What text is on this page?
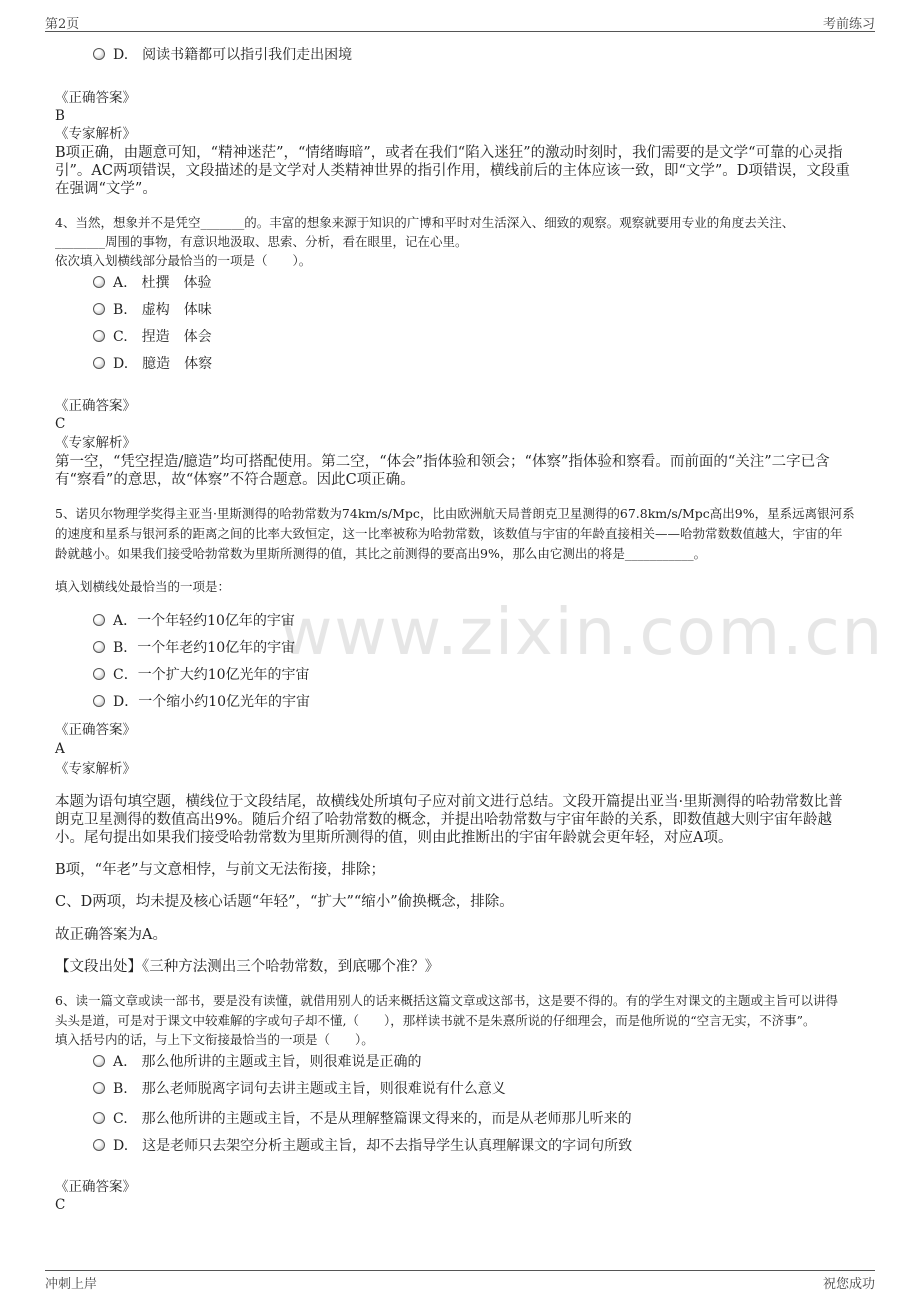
第2页	考前练习
www.zixin.com.cn
D.　阅读书籍都可以指引我们走出困境
《正确答案》
B
《专家解析》
B项正确，由题意可知，“精神迷茫”，“情绪晦暗”，或者在我们“陷入迷狂”的激动时刻时，我们需要的是文学“可靠的心灵指
引”。AC两项错误，文段描述的是文学对人类精神世界的指引作用，横线前后的主体应该一致，即“文学”。D项错误，文段重
在强调“文学”。
4、当然，想象并不是凭空_______的。丰富的想象来源于知识的广博和平时对生活深入、细致的观察。观察就要用专业的角度去关注、
________周围的事物，有意识地汲取、思索、分析，看在眼里，记在心里。
依次填入划横线部分最恰当的一项是（　　）。
A.　杜撰　体验
B.　虚构　体味
C.　捏造　体会
D.　臆造　体察
《正确答案》
C
《专家解析》
第一空，“凭空捏造/臆造”均可搭配使用。第二空，“体会”指体验和领会；“体察”指体验和察看。而前面的“关注”二字已含
有“察看”的意思，故“体察”不符合题意。因此C项正确。
5、诺贝尔物理学奖得主亚当·里斯测得的哈勃常数为74km/s/Mpc，比由欧洲航天局普朗克卫星测得的67.8km/s/Mpc高出9%，星系远离银河系
的速度和星系与银河系的距离之间的比率大致恒定，这一比率被称为哈勃常数，该数值与宇宙的年龄直接相关——哈勃常数数值越大，宇宙的年
龄就越小。如果我们接受哈勃常数为里斯所测得的值，其比之前测得的要高出9%，那么由它测出的将是___________。
填入划横线处最恰当的一项是：
A．一个年轻约10亿年的宇宙
B．一个年老约10亿年的宇宙
C．一个扩大约10亿光年的宇宙
D．一个缩小约10亿光年的宇宙
《正确答案》
A
《专家解析》
本题为语句填空题，横线位于文段结尾，故横线处所填句子应对前文进行总结。文段开篇提出亚当·里斯测得的哈勃常数比普
朗克卫星测得的数值高出9%。随后介绍了哈勃常数的概念，并提出哈勃常数与宇宙年龄的关系，即数值越大则宇宙年龄越
小。尾句提出如果我们接受哈勃常数为里斯所测得的值，则由此推断出的宇宙年龄就会更年轻，对应A项。
B项，“年老”与文意相悖，与前文无法衔接，排除；
C、D两项，均未提及核心话题“年轻”，“扩大”“缩小”偷换概念，排除。
故正确答案为A。
【文段出处】《三种方法测出三个哈勃常数，到底哪个准？》
6、读一篇文章或读一部书，要是没有读懂，就借用别人的话来概括这篇文章或这部书，这是要不得的。有的学生对课文的主题或主旨可以讲得
头头是道，可是对于课文中较难解的字或句子却不懂,（　　），那样读书就不是朱熹所说的仔细理会，而是他所说的“空言无实，不济事”。
填入括号内的话，与上下文衔接最恰当的一项是（　　）。
A.　那么他所讲的主题或主旨，则很难说是正确的
B.　那么老师脱离字词句去讲主题或主旨，则很难说有什么意义
C.　那么他所讲的主题或主旨，不是从理解整篇课文得来的，而是从老师那儿听来的
D.　这是老师只去架空分析主题或主旨，却不去指导学生认真理解课文的字词句所致
《正确答案》
C
冲刺上岸	祝您成功
